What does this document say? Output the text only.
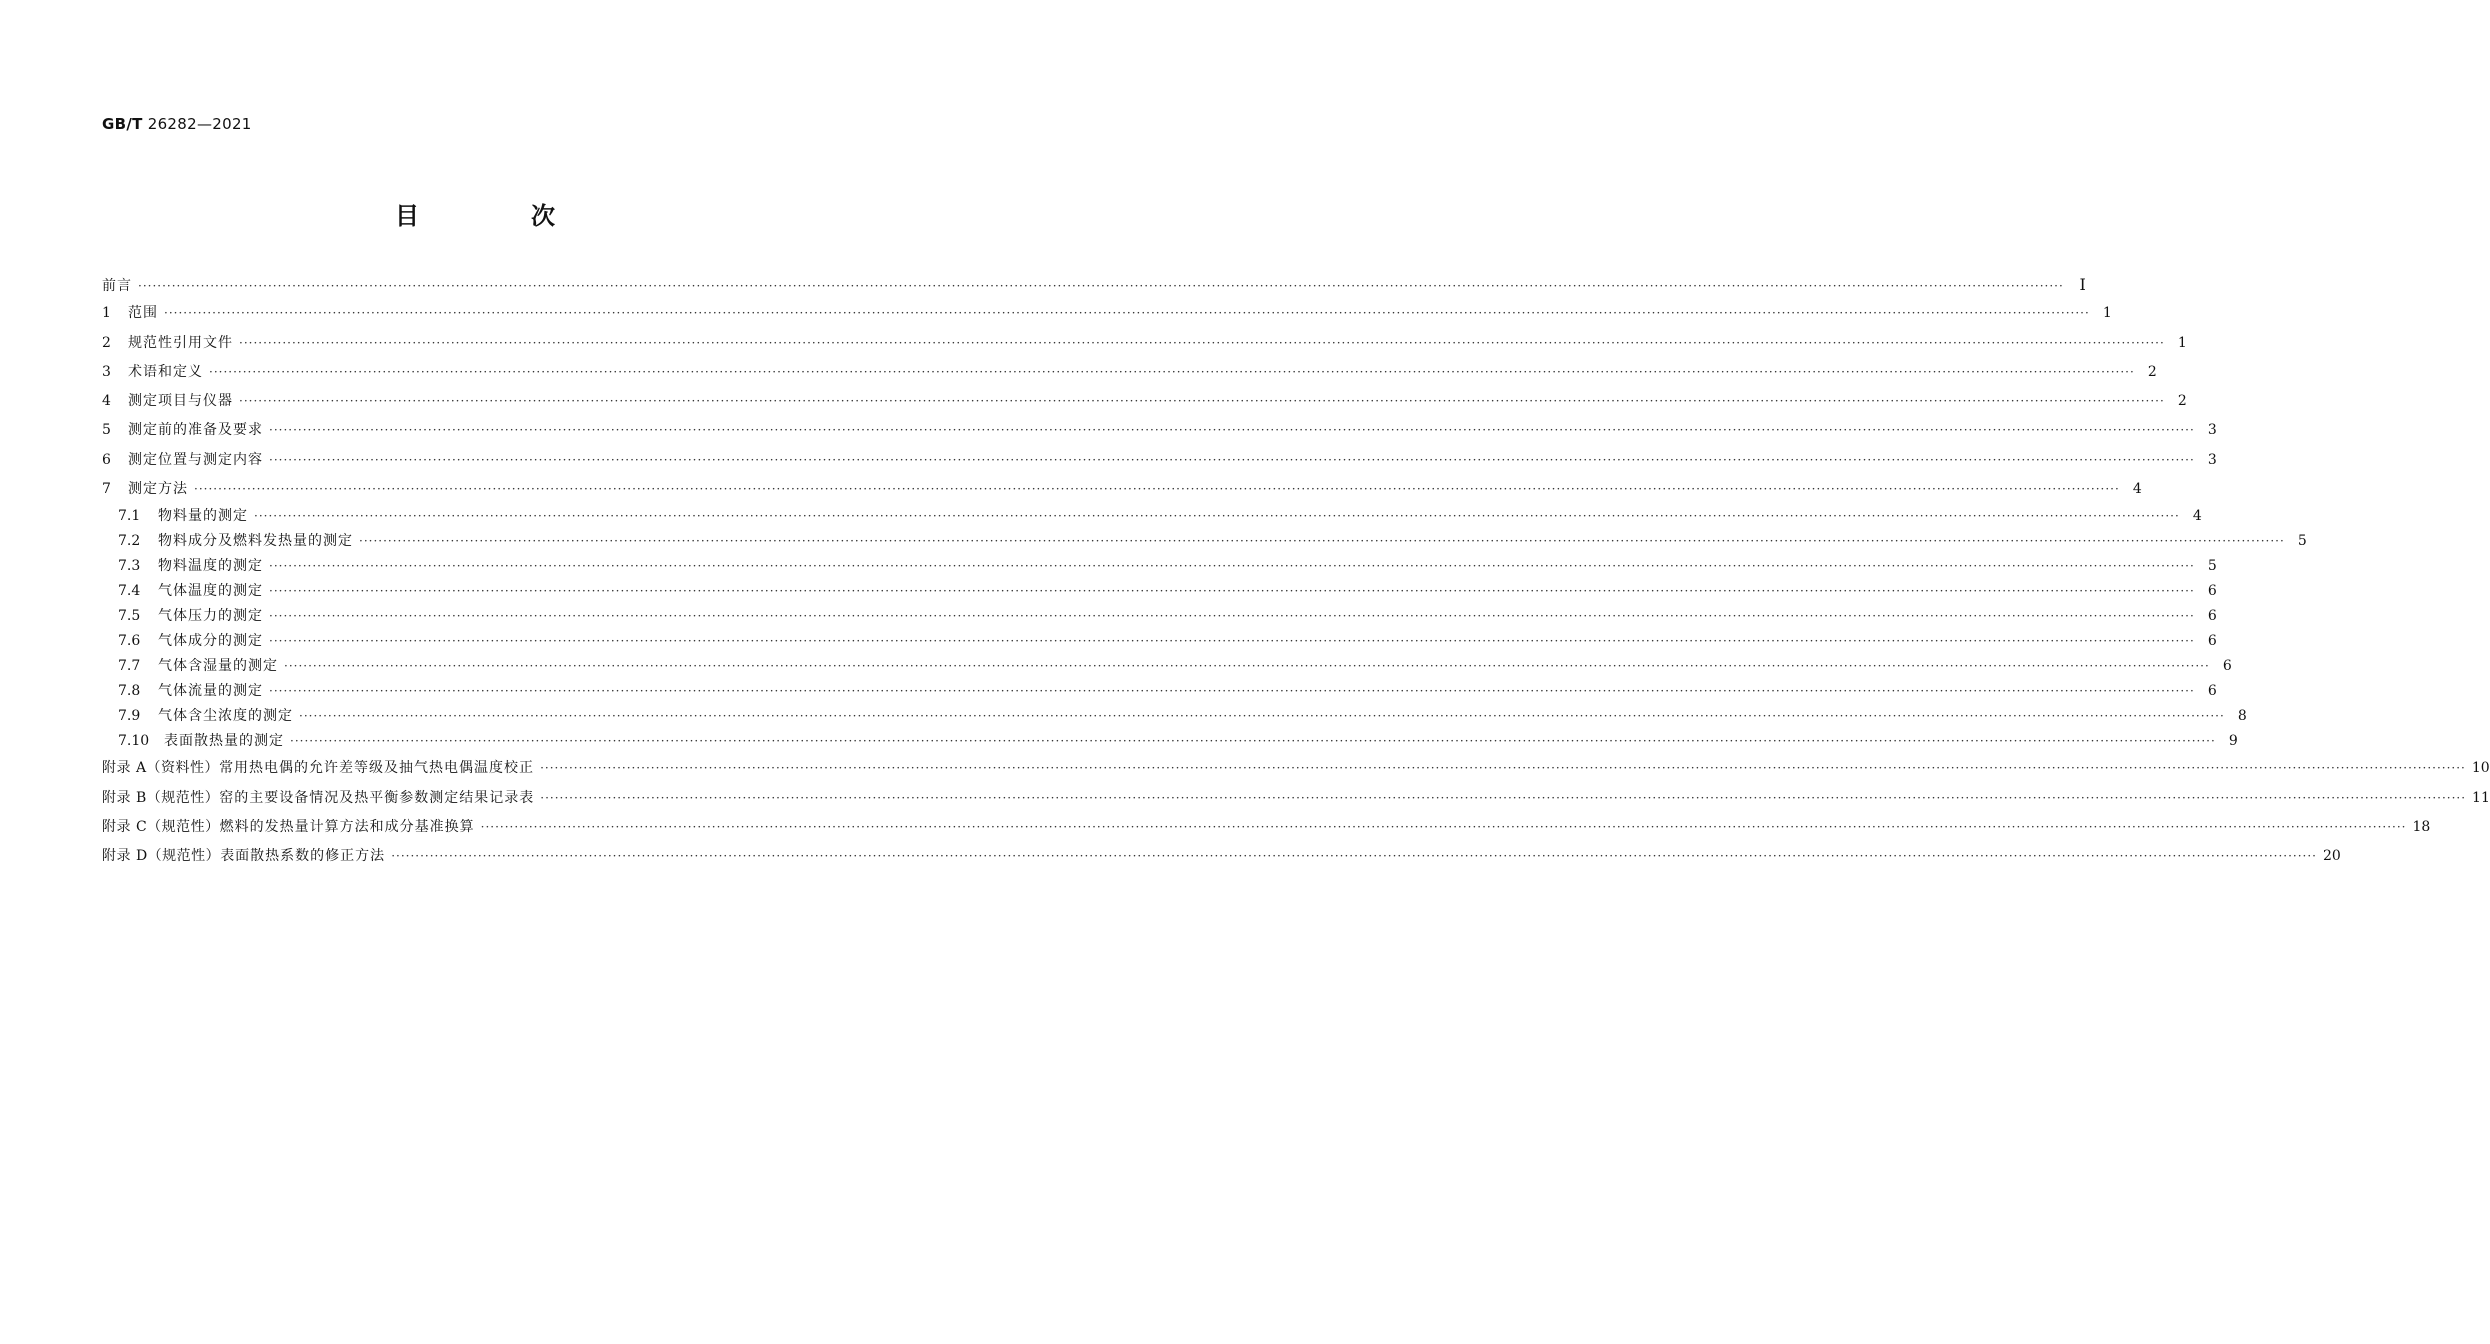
GB/T 26282—2021
目　次
前言 ················································································································································································································································································································································································································ Ⅰ
1	范围 ················································································································································································································································································································································································································ 1
2	规范性引用文件 ················································································································································································································································································································································································································ 1
3	术语和定义 ················································································································································································································································································································································································································ 2
4	测定项目与仪器 ················································································································································································································································································································································································································ 2
5	测定前的准备及要求 ················································································································································································································································································································································································································ 3
6	测定位置与测定内容 ················································································································································································································································································································································································································ 3
7	测定方法 ················································································································································································································································································································································································································ 4
7.1	物料量的测定 ················································································································································································································································································································································································································ 4
7.2	物料成分及燃料发热量的测定 ················································································································································································································································································································································································································ 5
7.3	物料温度的测定 ················································································································································································································································································································································································································ 5
7.4	气体温度的测定 ················································································································································································································································································································································································································ 6
7.5	气体压力的测定 ················································································································································································································································································································································································································ 6
7.6	气体成分的测定 ················································································································································································································································································································································································································ 6
7.7	气体含湿量的测定 ················································································································································································································································································································································································································ 6
7.8	气体流量的测定 ················································································································································································································································································································································································································ 6
7.9	气体含尘浓度的测定 ················································································································································································································································································································································································································ 8
7.10	表面散热量的测定 ················································································································································································································································································································································································································ 9
附录 A（资料性） 常用热电偶的允许差等级及抽气热电偶温度校正 ················································································································································································································································································································································································································ 10
附录 B（规范性） 窑的主要设备情况及热平衡参数测定结果记录表 ················································································································································································································································································································································································································ 11
附录 C（规范性） 燃料的发热量计算方法和成分基准换算 ················································································································································································································································································································································································································ 18
附录 D（规范性） 表面散热系数的修正方法 ················································································································································································································································································································································································································ 20
